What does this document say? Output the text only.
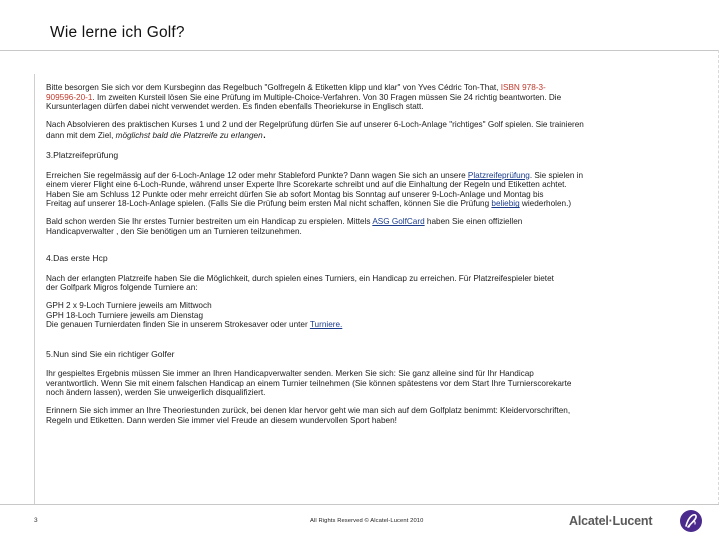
Wie lerne ich Golf?

Bitte besorgen Sie sich vor dem Kursbeginn das Regelbuch "Golfregeln & Etiketten klipp und klar" von Yves Cédric Ton-That, ISBN 978-3-
909596-20-1. Im zweiten Kursteil lösen Sie eine Prüfung im Multiple-Choice-Verfahren. Von 30 Fragen müssen Sie 24 richtig beantworten. Die
Kursunterlagen dürfen dabei nicht verwendet werden. Es finden ebenfalls Theoriekurse in Englisch statt.

Nach Absolvieren des praktischen Kurses 1 und 2 und der Regelprüfung dürfen Sie auf unserer 6-Loch-Anlage "richtiges" Golf spielen. Sie trainieren
dann mit dem Ziel, möglichst bald die Platzreife zu erlangen.

3.Platzreifeprüfung

Erreichen Sie regelmässig auf der 6-Loch-Anlage 12 oder mehr Stableford Punkte? Dann wagen Sie sich an unsere Platzreifeprüfung. Sie spielen in
einem vierer Flight eine 6-Loch-Runde, während unser Experte Ihre Scorekarte schreibt und auf die Einhaltung der Regeln und Etiketten achtet.
Haben Sie am Schluss 12 Punkte oder mehr erreicht dürfen Sie ab sofort Montag bis Sonntag auf unserer 9-Loch-Anlage und Montag bis
Freitag auf unserer 18-Loch-Anlage spielen. (Falls Sie die Prüfung beim ersten Mal nicht schaffen, können Sie die Prüfung beliebig wiederholen.)

Bald schon werden Sie Ihr erstes Turnier bestreiten um ein Handicap zu erspielen. Mittels ASG GolfCard haben Sie einen offiziellen
Handicapverwalter , den Sie benötigen um an Turnieren teilzunehmen.

4.Das erste Hcp

Nach der erlangten Platzreife haben Sie die Möglichkeit, durch spielen eines Turniers, ein Handicap zu erreichen. Für Platzreifespieler bietet
der Golfpark Migros folgende Turniere an:

GPH 2 x 9-Loch Turniere jeweils am Mittwoch
GPH 18-Loch Turniere jeweils am Dienstag
Die genauen Turnierdaten finden Sie in unserem Strokesaver oder unter Turniere.

5.Nun sind Sie ein richtiger Golfer

Ihr gespieltes Ergebnis müssen Sie immer an Ihren Handicapverwalter senden. Merken Sie sich: Sie ganz alleine sind für Ihr Handicap
verantwortlich. Wenn Sie mit einem falschen Handicap an einem Turnier teilnehmen (Sie können spätestens vor dem Start Ihre Turnierscorekarte
noch ändern lassen), werden Sie unweigerlich disqualifiziert.

Erinnern Sie sich immer an Ihre Theoriestunden zurück, bei denen klar hervor geht wie man sich auf dem Golfplatz benimmt: Kleidervorschriften,
Regeln und Etiketten. Dann werden Sie immer viel Freude an diesem wundervollen Sport haben!

3	All Rights Reserved © Alcatel-Lucent 2010	Alcatel·Lucent
